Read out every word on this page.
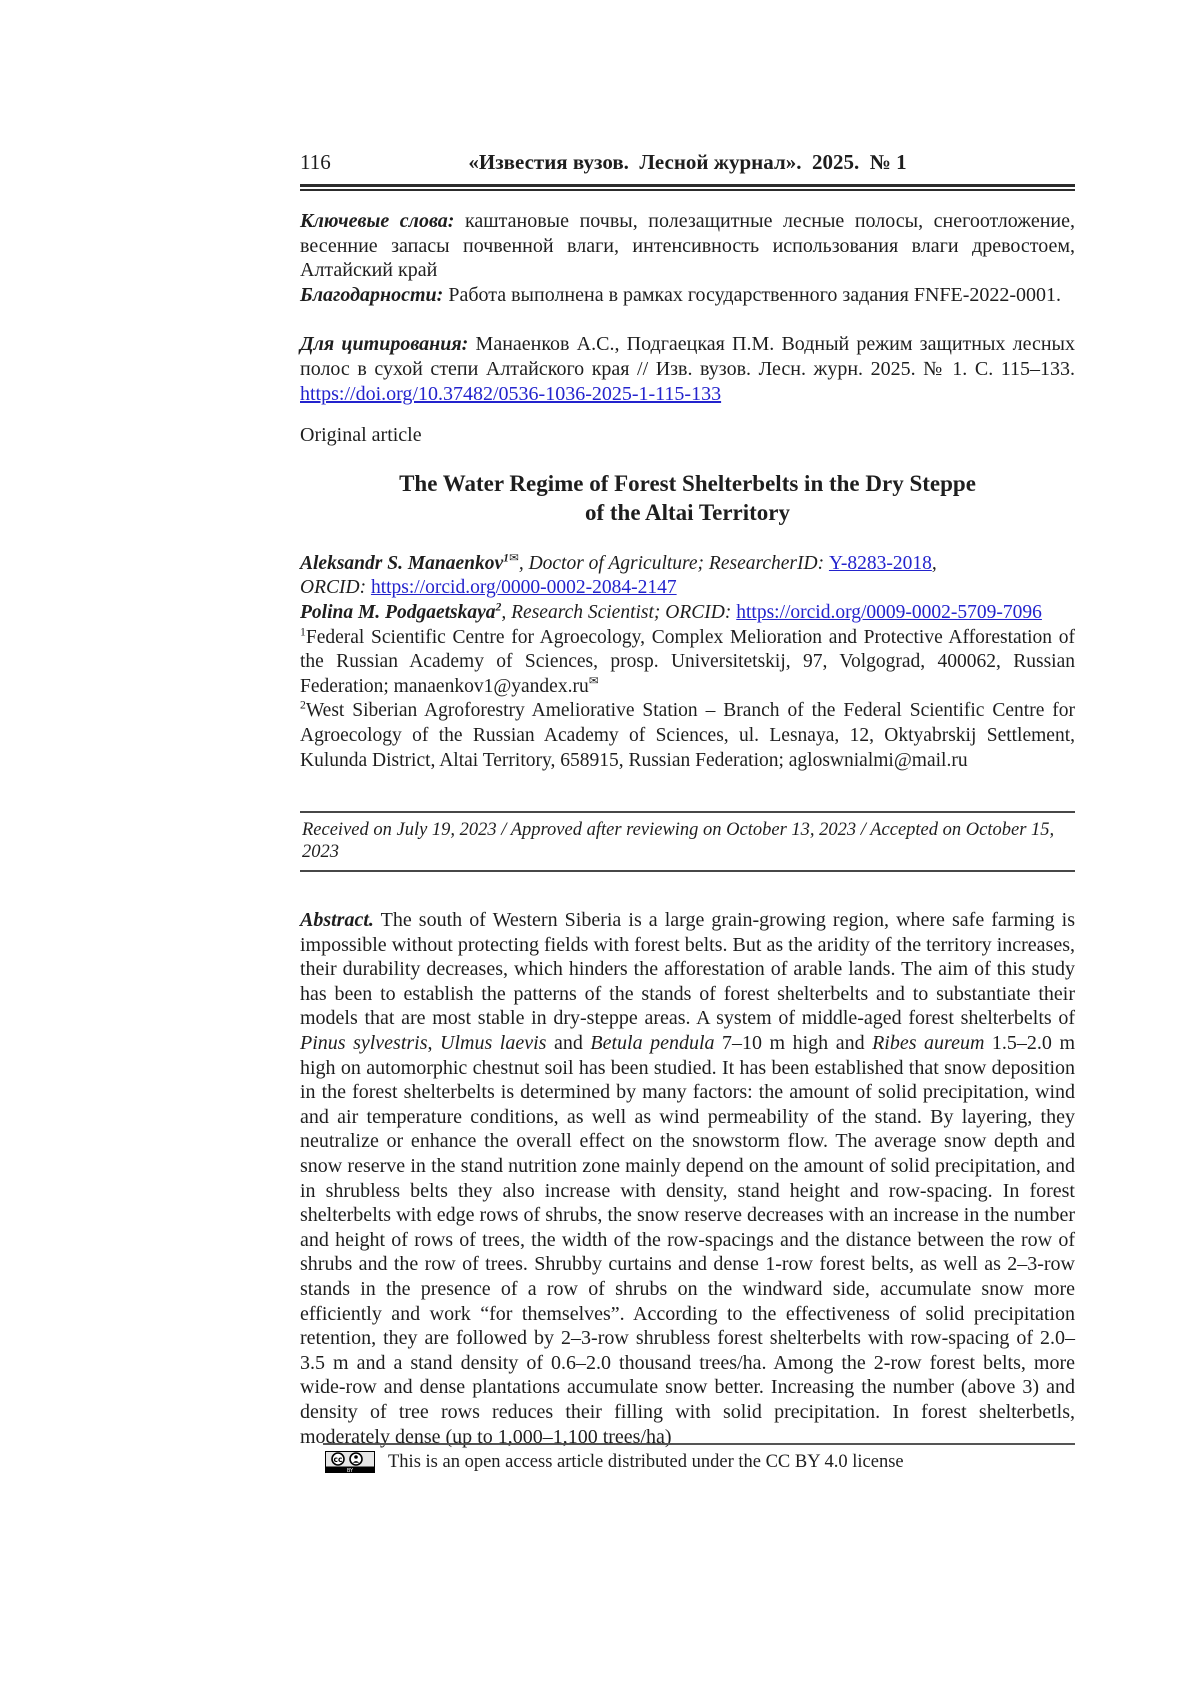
116	«Известия вузов.  Лесной журнал».  2025.  № 1

Ключевые слова: каштановые почвы, полезащитные лесные полосы, снегоотложение, весенние запасы почвенной влаги, интенсивность использования влаги древостоем, Алтайский край

Благодарности: Работа выполнена в рамках государственного задания FNFE-2022-0001.

Для цитирования: Манаенков А.С., Подгаецкая П.М. Водный режим защитных лесных полос в сухой степи Алтайского края // Изв. вузов. Лесн. журн. 2025. № 1. С. 115–133. https://doi.org/10.37482/0536-1036-2025-1-115-133

Original article

The Water Regime of Forest Shelterbelts in the Dry Steppe
of the Altai Territory

Aleksandr S. Manaenkov$^{1✉}$, Doctor of Agriculture; ResearcherID: Y-8283-2018,

ORCID: https://orcid.org/0000-0002-2084-2147

Polina M. Podgaetskaya$^2$, Research Scientist; ORCID: https://orcid.org/0009-0002-5709-7096

$^1$Federal Scientific Centre for Agroecology, Complex Melioration and Protective Afforestation of the Russian Academy of Sciences, prosp. Universitetskij, 97, Volgograd, 400062, Russian Federation; manaenkov1@yandex.ru✉

$^2$West Siberian Agroforestry Ameliorative Station – Branch of the Federal Scientific Centre for Agroecology of the Russian Academy of Sciences, ul. Lesnaya, 12, Oktyabrskij Settlement, Kulunda District, Altai Territory, 658915, Russian Federation; agloswnialmi@mail.ru

Received on July 19, 2023 / Approved after reviewing on October 13, 2023 / Accepted on October 15, 2023

Abstract. The south of Western Siberia is a large grain-growing region, where safe farming is impossible without protecting fields with forest belts. But as the aridity of the territory increases, their durability decreases, which hinders the afforestation of arable lands. The aim of this study has been to establish the patterns of the stands of forest shelterbelts and to substantiate their models that are most stable in dry-steppe areas. A system of middle-aged forest shelterbelts of Pinus sylvestris, Ulmus laevis and Betula pendula 7–10 m high and Ribes aureum 1.5–2.0 m high on automorphic chestnut soil has been studied. It has been established that snow deposition in the forest shelterbelts is determined by many factors: the amount of solid precipitation, wind and air temperature conditions, as well as wind permeability of the stand. By layering, they neutralize or enhance the overall effect on the snowstorm flow. The average snow depth and snow reserve in the stand nutrition zone mainly depend on the amount of solid precipitation, and in shrubless belts they also increase with density, stand height and row-spacing. In forest shelterbelts with edge rows of shrubs, the snow reserve decreases with an increase in the number and height of rows of trees, the width of the row-spacings and the distance between the row of shrubs and the row of trees. Shrubby curtains and dense 1-row forest belts, as well as 2–3-row stands in the presence of a row of shrubs on the windward side, accumulate snow more efficiently and work “for themselves”. According to the effectiveness of solid precipitation retention, they are followed by 2–3-row shrubless forest shelterbelts with row-spacing of 2.0–3.5 m and a stand density of 0.6–2.0 thousand trees/ha. Among the 2-row forest belts, more wide-row and dense plantations accumulate snow better. Increasing the number (above 3) and density of tree rows reduces their filling with solid precipitation. In forest shelterbetls, moderately dense (up to 1,000–1,100 trees/ha)

cc
BY This is an open access article distributed under the CC BY 4.0 license
